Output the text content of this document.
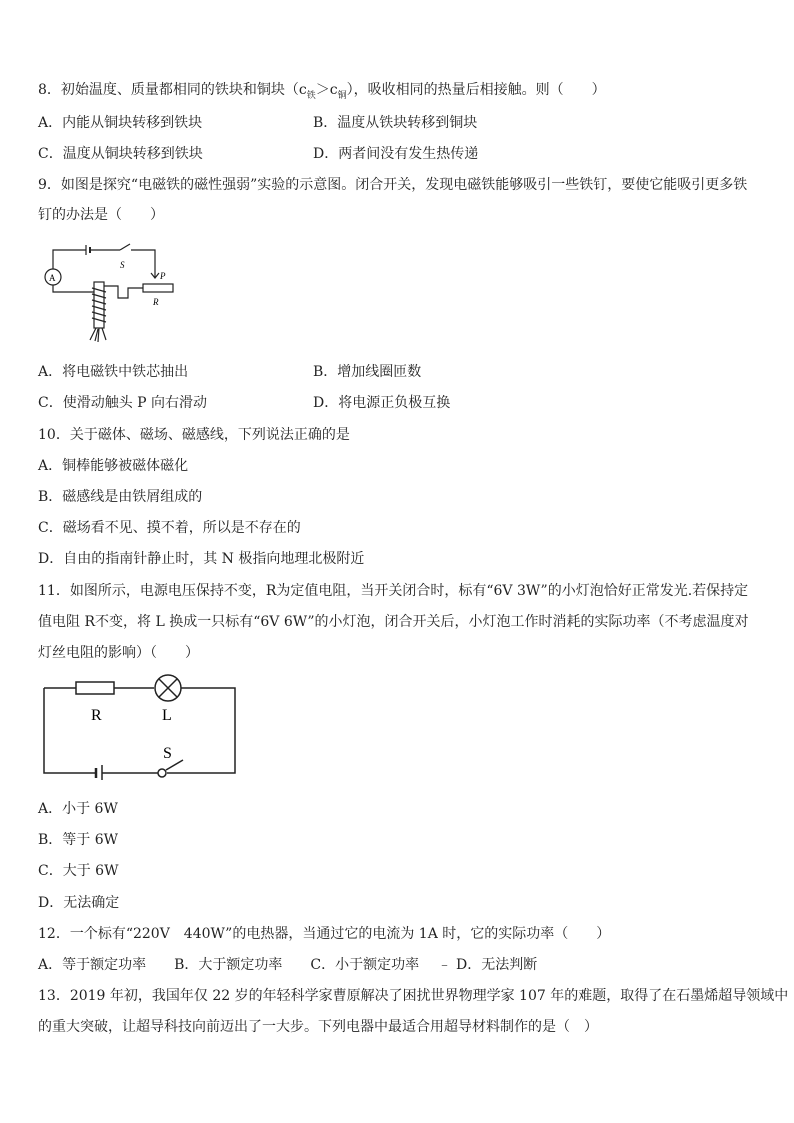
8．初始温度、质量都相同的铁块和铜块$(c_铁>c_铜)$，吸收相同的热量后相接触。则（　　）
A．内能从铜块转移到铁块	B．温度从铁块转移到铜块
C．温度从铜块转移到铁块	D．两者间没有发生热传递
9．如图是探究“电磁铁的磁性强弱”实验的示意图。闭合开关，发现电磁铁能够吸引一些铁钉，要使它能吸引更多铁
钉的办法是（　　）
A
S
P
R
A．将电磁铁中铁芯抽出	B．增加线圈匝数
C．使滑动触头 P 向右滑动	D．将电源正负极互换
10．关于磁体、磁场、磁感线，下列说法正确的是
A．铜棒能够被磁体磁化
B．磁感线是由铁屑组成的
C．磁场看不见、摸不着，所以是不存在的
D．自由的指南针静止时，其 N 极指向地理北极附近
11．如图所示，电源电压保持不变，R为定值电阻，当开关闭合时，标有“6V 3W”的小灯泡恰好正常发光.若保持定
值电阻 R不变，将 L 换成一只标有“6V 6W”的小灯泡，闭合开关后，小灯泡工作时消耗的实际功率（不考虑温度对
灯丝电阻的影响）（　　）
R	L
S
A．小于 6W
B．等于 6W
C．大于 6W
D．无法确定
12．一个标有“220V　440W”的电热器，当通过它的电流为 1A 时，它的实际功率（　　）
A．等于额定功率　　B．大于额定功率　　C．小于额定功率　 ﹣ D．无法判断
13．2019 年初，我国年仅 22 岁的年轻科学家曹原解决了困扰世界物理学家 107 年的难题，取得了在石墨烯超导领域中
的重大突破，让超导科技向前迈出了一大步。下列电器中最适合用超导材料制作的是（　）
